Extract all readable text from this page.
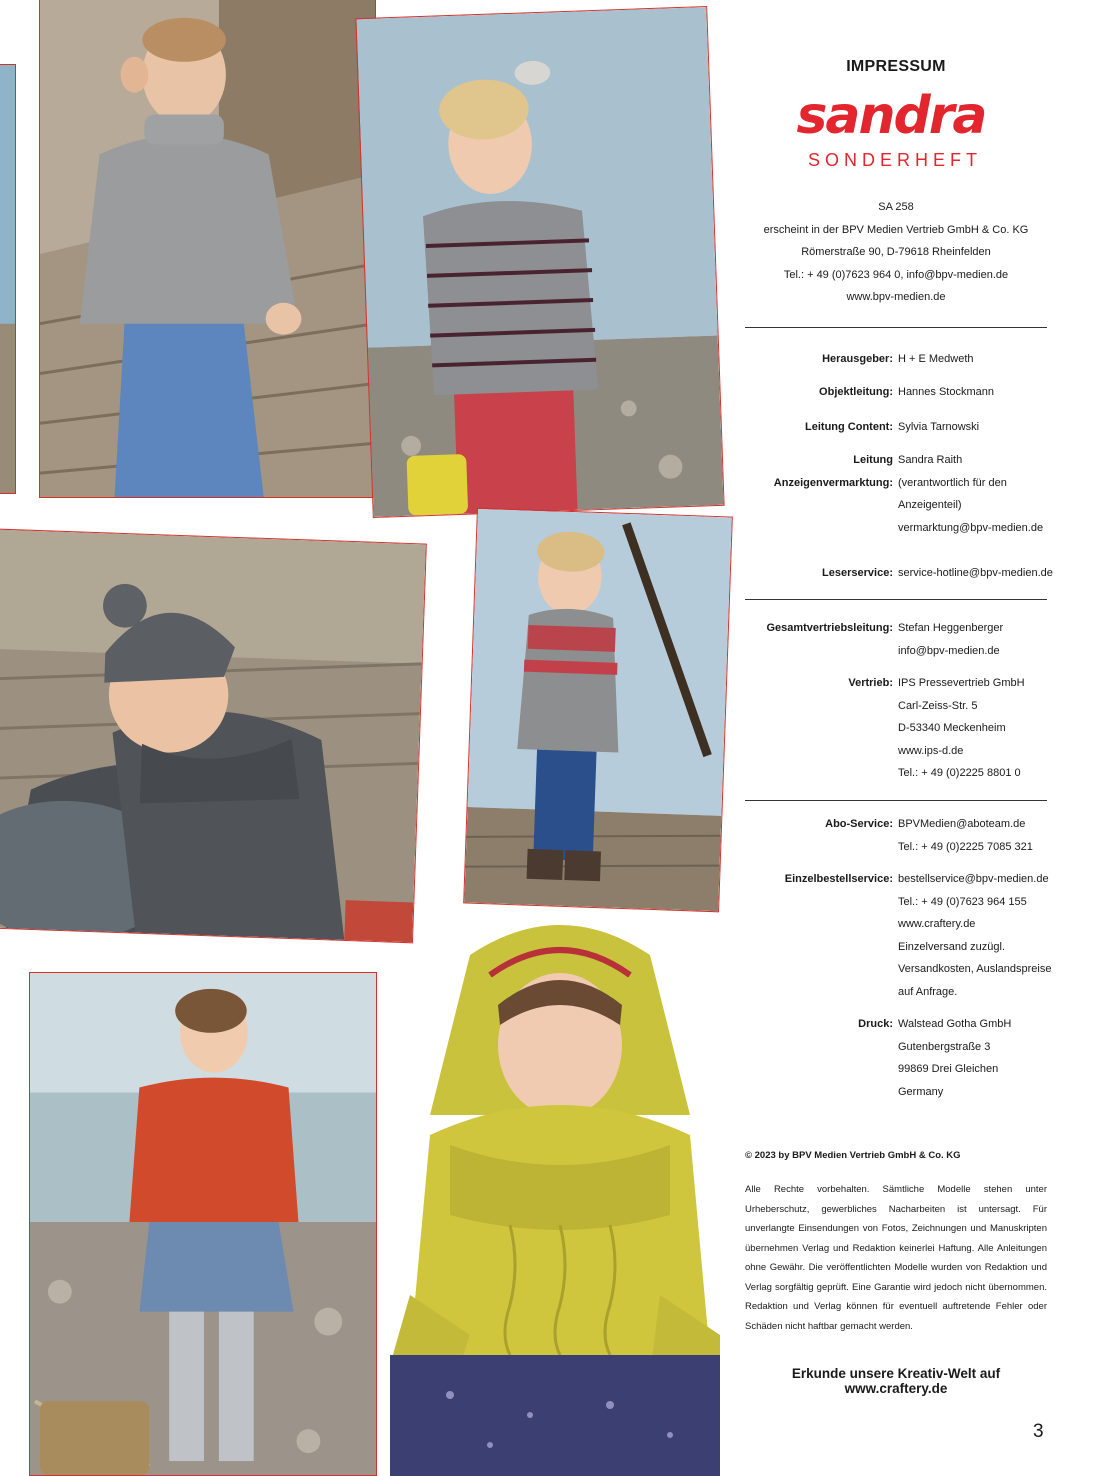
IMPRESSUM
sandra
SONDERHEFT
SA 258
erscheint in der BPV Medien Vertrieb GmbH & Co. KG
Römerstraße 90, D-79618 Rheinfelden
Tel.: + 49 (0)7623 964 0, info@bpv-medien.de
www.bpv-medien.de
Herausgeber: H + E Medweth
Objektleitung: Hannes Stockmann
Leitung Content: Sylvia Tarnowski
Leitung Anzeigenvermarktung:
Sandra Raith
(verantwortlich für den
Anzeigenteil)
vermarktung@bpv-medien.de
Leserservice: service-hotline@bpv-medien.de
Gesamtvertriebsleitung: Stefan Heggenberger
info@bpv-medien.de
Vertrieb: IPS Pressevertrieb GmbH
Carl-Zeiss-Str. 5
D-53340 Meckenheim
www.ips-d.de
Tel.: + 49 (0)2225 8801 0
Abo-Service: BPVMedien@aboteam.de
Tel.: + 49 (0)2225 7085 321
Einzelbestellservice: bestellservice@bpv-medien.de
Tel.: + 49 (0)7623 964 155
www.craftery.de
Einzelversand zuzügl.
Versandkosten, Auslandspreise
auf Anfrage.
Druck: Walstead Gotha GmbH
Gutenbergstraße 3
99869 Drei Gleichen
Germany
© 2023 by BPV Medien Vertrieb GmbH & Co. KG
Alle Rechte vorbehalten. Sämtliche Modelle stehen unter Urheberschutz, gewerbliches Nacharbeiten ist untersagt. Für unverlangte Einsendungen von Fotos, Zeichnungen und Manuskripten übernehmen Verlag und Redaktion keinerlei Haftung. Alle Anleitungen ohne Gewähr. Die veröffentlichten Modelle wurden von Redaktion und Verlag sorgfältig geprüft. Eine Garantie wird jedoch nicht übernommen. Redaktion und Verlag können für eventuell auftretende Fehler oder Schäden nicht haftbar gemacht werden.
Erkunde unsere Kreativ-Welt auf www.craftery.de
3
